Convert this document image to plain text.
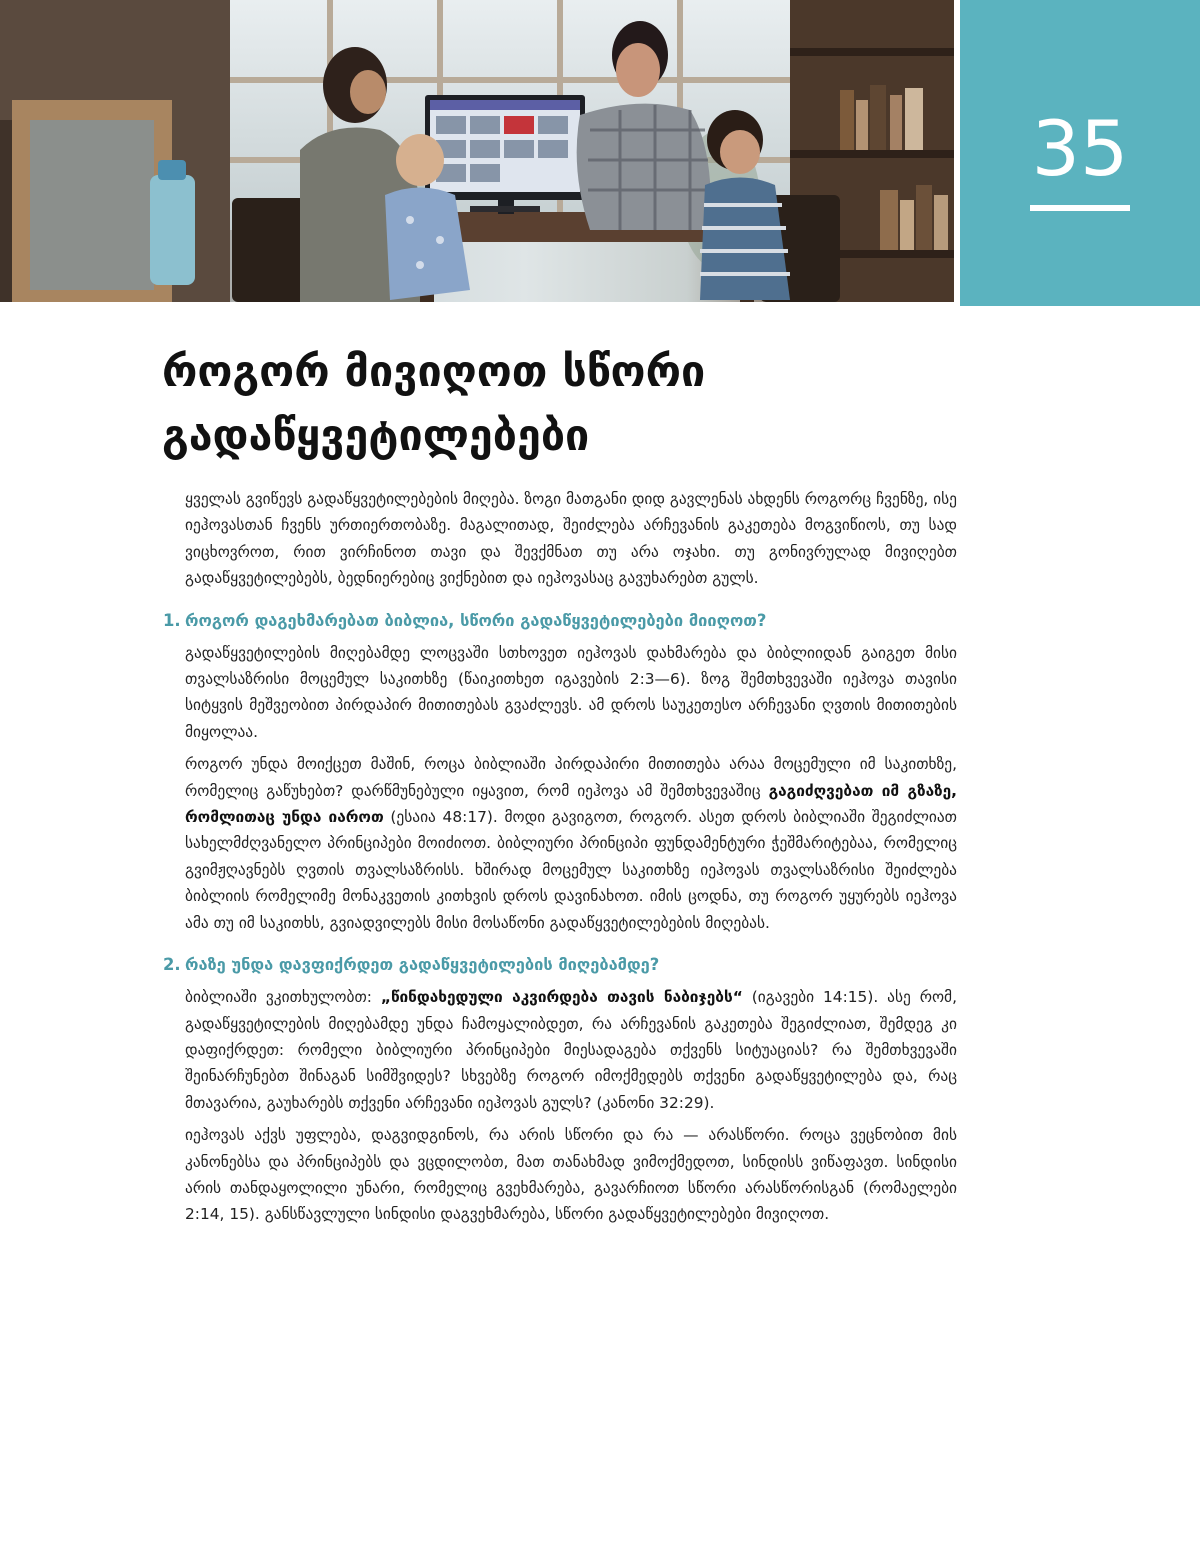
35
როგორ მივიღოთ სწორი გადაწყვეტილებები

ყველას გვიწევს გადაწყვეტილებების მიღება. ზოგი მათგანი დიდ გავლენას ახდენს როგორც ჩვენზე, ისე იეჰოვასთან ჩვენს ურთიერთობაზე. მაგალითად, შეიძლება არჩევანის გაკეთება მოგვიწიოს, თუ სად ვიცხოვროთ, რით ვირჩინოთ თავი და შევქმნათ თუ არა ოჯახი. თუ გონივრულად მივიღებთ გადაწყვეტილებებს, ბედნიერებიც ვიქნებით და იეჰოვასაც გავუხარებთ გულს.

1. როგორ დაგეხმარებათ ბიბლია, სწორი გადაწყვეტილებები მიიღოთ?

გადაწყვეტილების მიღებამდე ლოცვაში სთხოვეთ იეჰოვას დახმარება და ბიბლიიდან გაიგეთ მისი თვალსაზრისი მოცემულ საკითხზე (წაიკითხეთ იგავების 2:3—6). ზოგ შემთხვევაში იეჰოვა თავისი სიტყვის მეშვეობით პირდაპირ მითითებას გვაძლევს. ამ დროს საუკეთესო არჩევანი ღვთის მითითების მიყოლაა.

როგორ უნდა მოიქცეთ მაშინ, როცა ბიბლიაში პირდაპირი მითითება არაა მოცემული იმ საკითხზე, რომელიც გაწუხებთ? დარწმუნებული იყავით, რომ იეჰოვა ამ შემთხვევაშიც გაგიძღვებათ იმ გზაზე, რომლითაც უნდა იაროთ (ესაია 48:17). მოდი გავიგოთ, როგორ. ასეთ დროს ბიბლიაში შეგიძლიათ სახელმძღვანელო პრინციპები მოიძიოთ. ბიბლიური პრინციპი ფუნდამენტური ჭეშმარიტებაა, რომელიც გვიმჟღავნებს ღვთის თვალსაზრისს. ხშირად მოცემულ საკითხზე იეჰოვას თვალსაზრისი შეიძლება ბიბლიის რომელიმე მონაკვეთის კითხვის დროს დავინახოთ. იმის ცოდნა, თუ როგორ უყურებს იეჰოვა ამა თუ იმ საკითხს, გვიადვილებს მისი მოსაწონი გადაწყვეტილებების მიღებას.

2. რაზე უნდა დავფიქრდეთ გადაწყვეტილების მიღებამდე?

ბიბლიაში ვკითხულობთ: „წინდახედული აკვირდება თავის ნაბიჯებს“ (იგავები 14:15). ასე რომ, გადაწყვეტილების მიღებამდე უნდა ჩამოყალიბდეთ, რა არჩევანის გაკეთება შეგიძლიათ, შემდეგ კი დაფიქრდეთ: რომელი ბიბლიური პრინციპები მიესადაგება თქვენს სიტუაციას? რა შემთხვევაში შეინარჩუნებთ შინაგან სიმშვიდეს? სხვებზე როგორ იმოქმედებს თქვენი გადაწყვეტილება და, რაც მთავარია, გაუხარებს თქვენი არჩევანი იეჰოვას გულს? (კანონი 32:29).

იეჰოვას აქვს უფლება, დაგვიდგინოს, რა არის სწორი და რა — არასწორი. როცა ვეცნობით მის კანონებსა და პრინციპებს და ვცდილობთ, მათ თანახმად ვიმოქმედოთ, სინდისს ვიწაფავთ. სინდისი არის თანდაყოლილი უნარი, რომელიც გვეხმარება, გავარჩიოთ სწორი არასწორისგან (რომაელები 2:14, 15). განსწავლული სინდისი დაგვეხმარება, სწორი გადაწყვეტილებები მივიღოთ.
